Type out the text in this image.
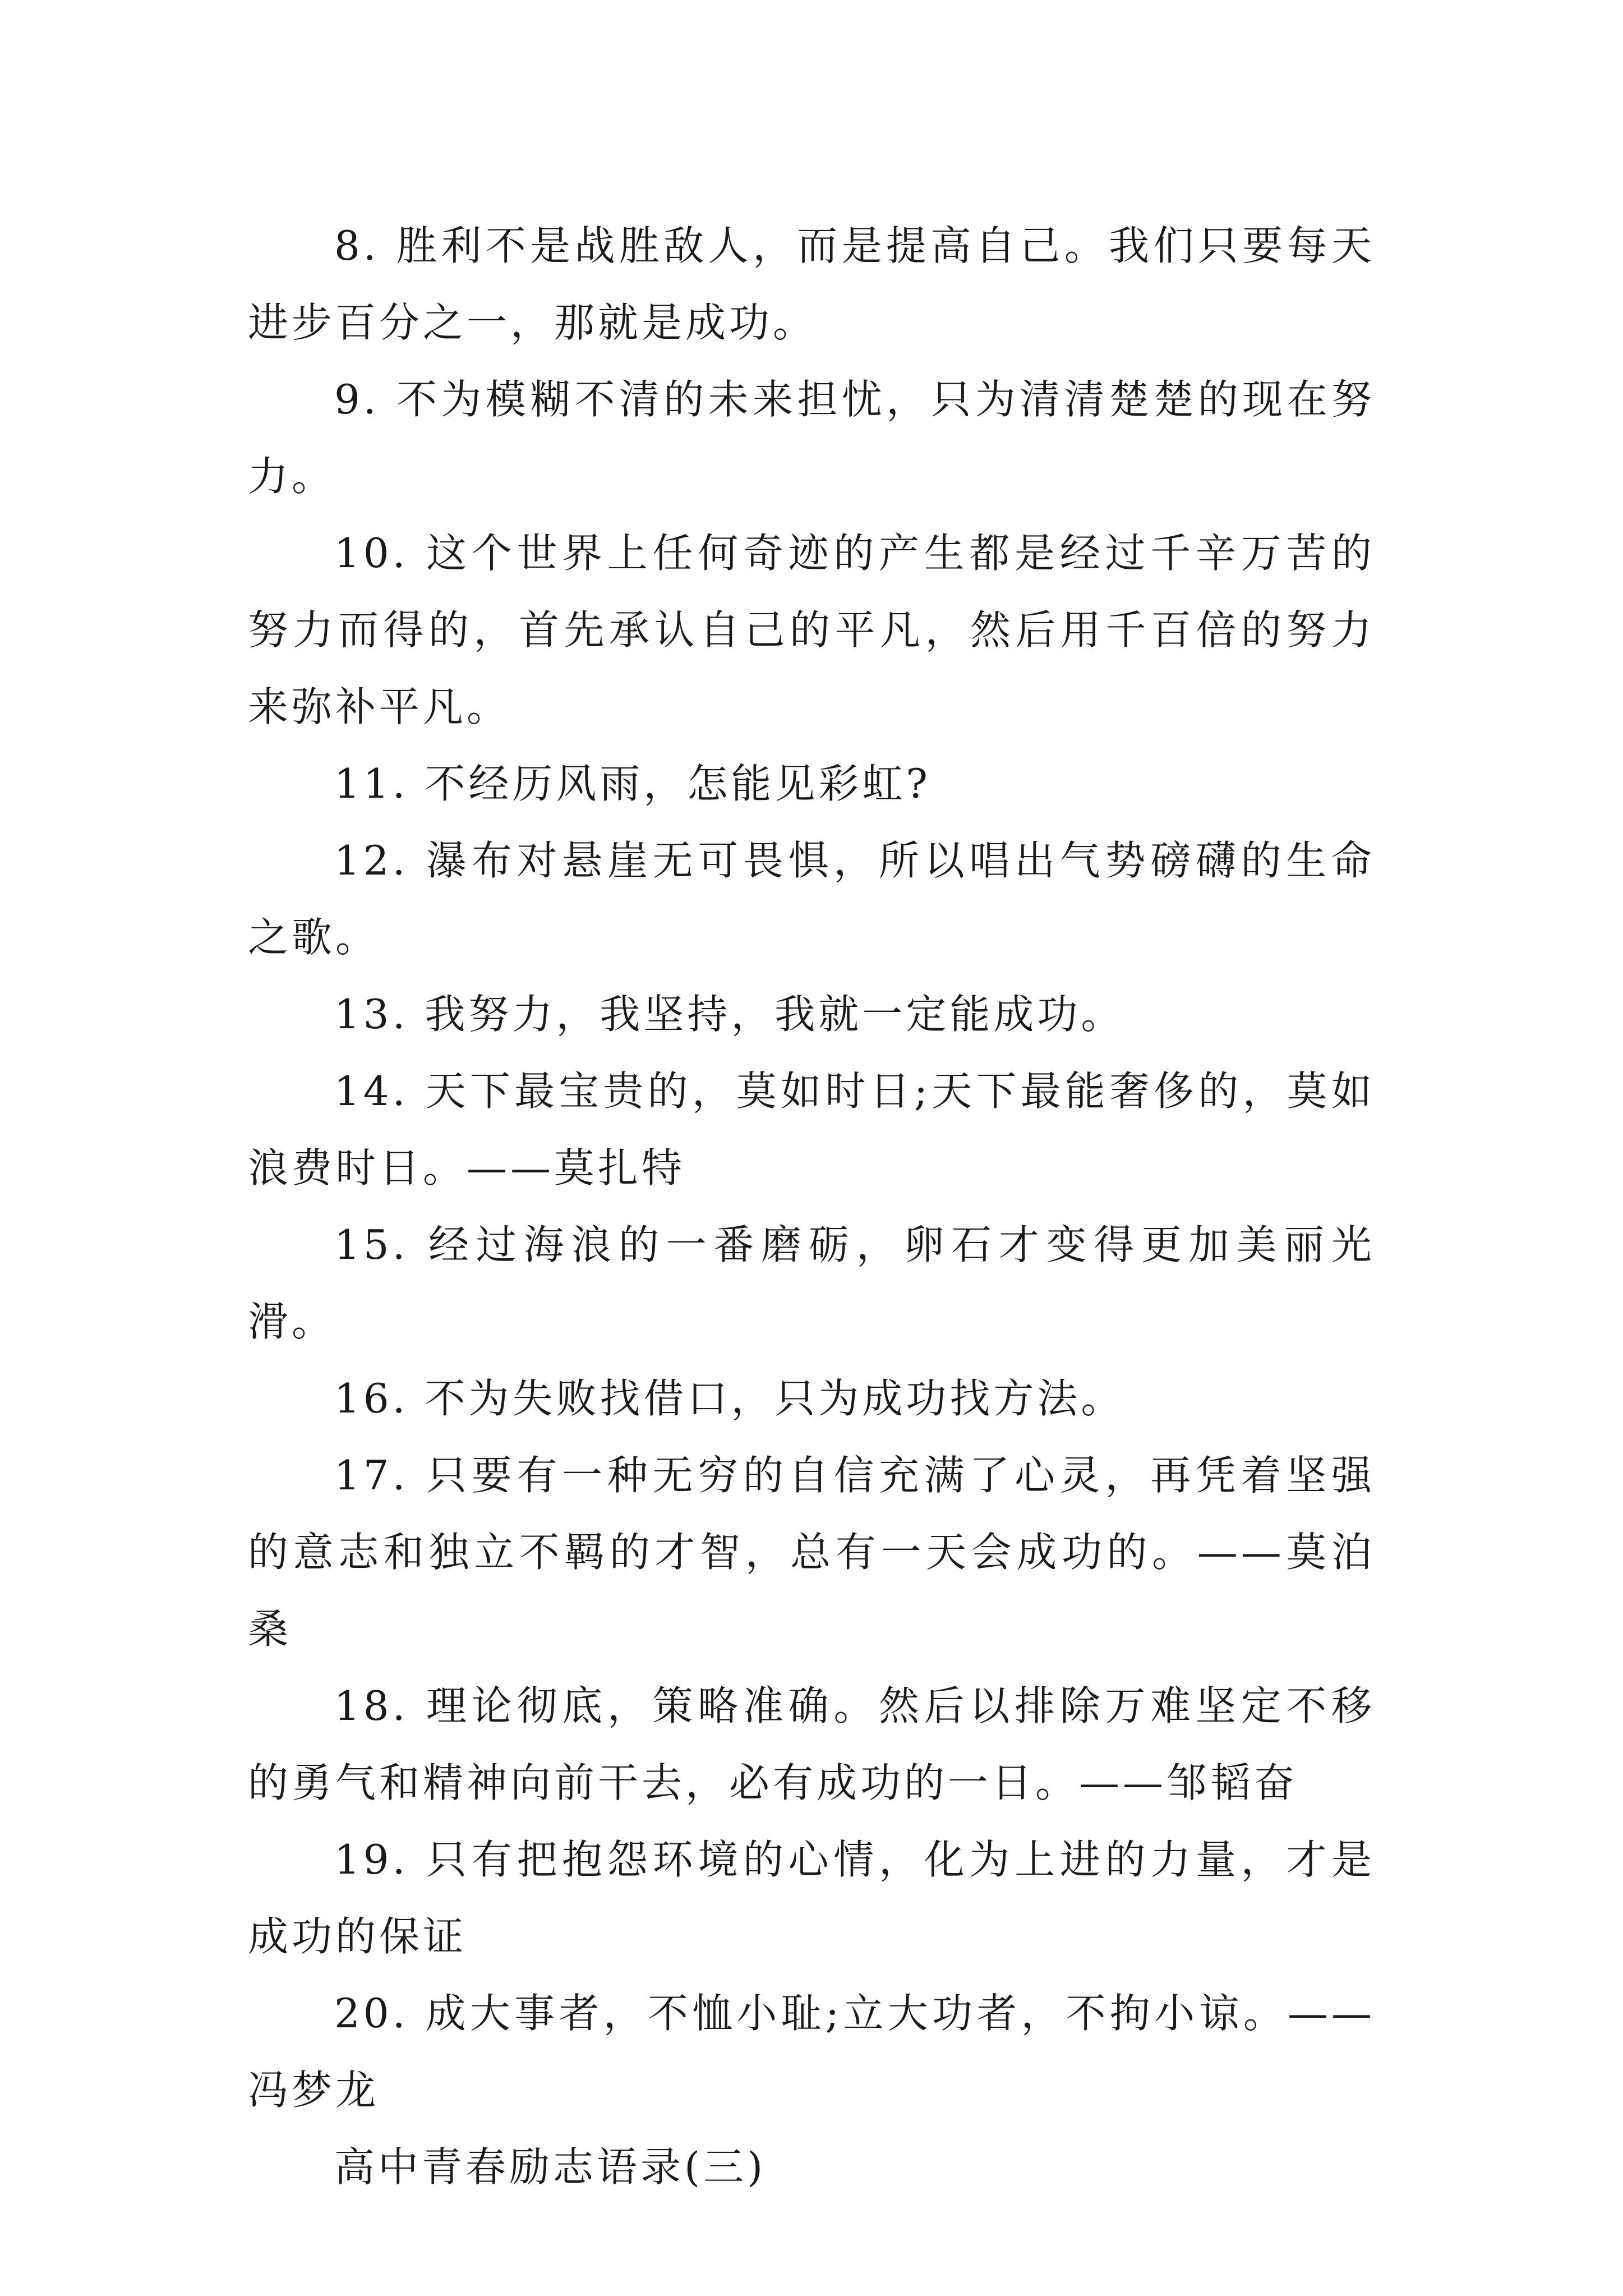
8. 胜利不是战胜敌人，而是提高自己。我们只要每天进步百分之一，那就是成功。

9. 不为模糊不清的未来担忧，只为清清楚楚的现在努力。

10. 这个世界上任何奇迹的产生都是经过千辛万苦的努力而得的，首先承认自己的平凡，然后用千百倍的努力来弥补平凡。

11. 不经历风雨，怎能见彩虹?

12. 瀑布对悬崖无可畏惧，所以唱出气势磅礴的生命之歌。

13. 我努力，我坚持，我就一定能成功。

14. 天下最宝贵的，莫如时日;天下最能奢侈的，莫如浪费时日。——莫扎特

15. 经过海浪的一番磨砺，卵石才变得更加美丽光滑。

16. 不为失败找借口，只为成功找方法。

17. 只要有一种无穷的自信充满了心灵，再凭着坚强的意志和独立不羁的才智，总有一天会成功的。——莫泊桑

18. 理论彻底，策略准确。然后以排除万难坚定不移的勇气和精神向前干去，必有成功的一日。——邹韬奋

19. 只有把抱怨环境的心情，化为上进的力量，才是成功的保证

20. 成大事者，不恤小耻;立大功者，不拘小谅。——冯梦龙

高中青春励志语录(三)
